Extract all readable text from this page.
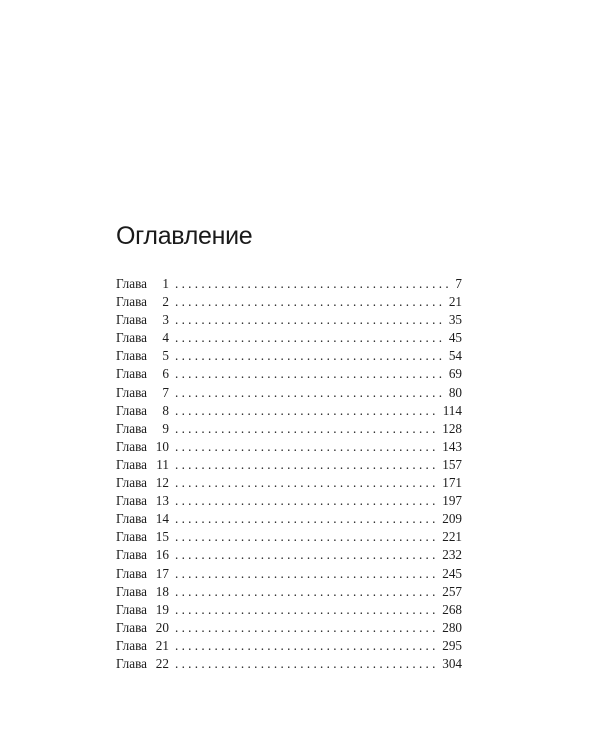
Оглавление
Глава	1 . . .	7
Глава	2 . . .	21
Глава	3 . . .	35
Глава	4 . . .	45
Глава	5 . . .	54
Глава	6 . . .	69
Глава	7 . . .	80
Глава	8 . . .	114
Глава	9 . . .	128
Глава 10 . . .	143
Глава 11 . . .	157
Глава 12 . . .	171
Глава 13 . . .	197
Глава 14 . . .	209
Глава 15 . . .	221
Глава 16 . . .	232
Глава 17 . . .	245
Глава 18 . . .	257
Глава 19 . . .	268
Глава 20 . . .	280
Глава 21 . . .	295
Глава 22 . . .	304
